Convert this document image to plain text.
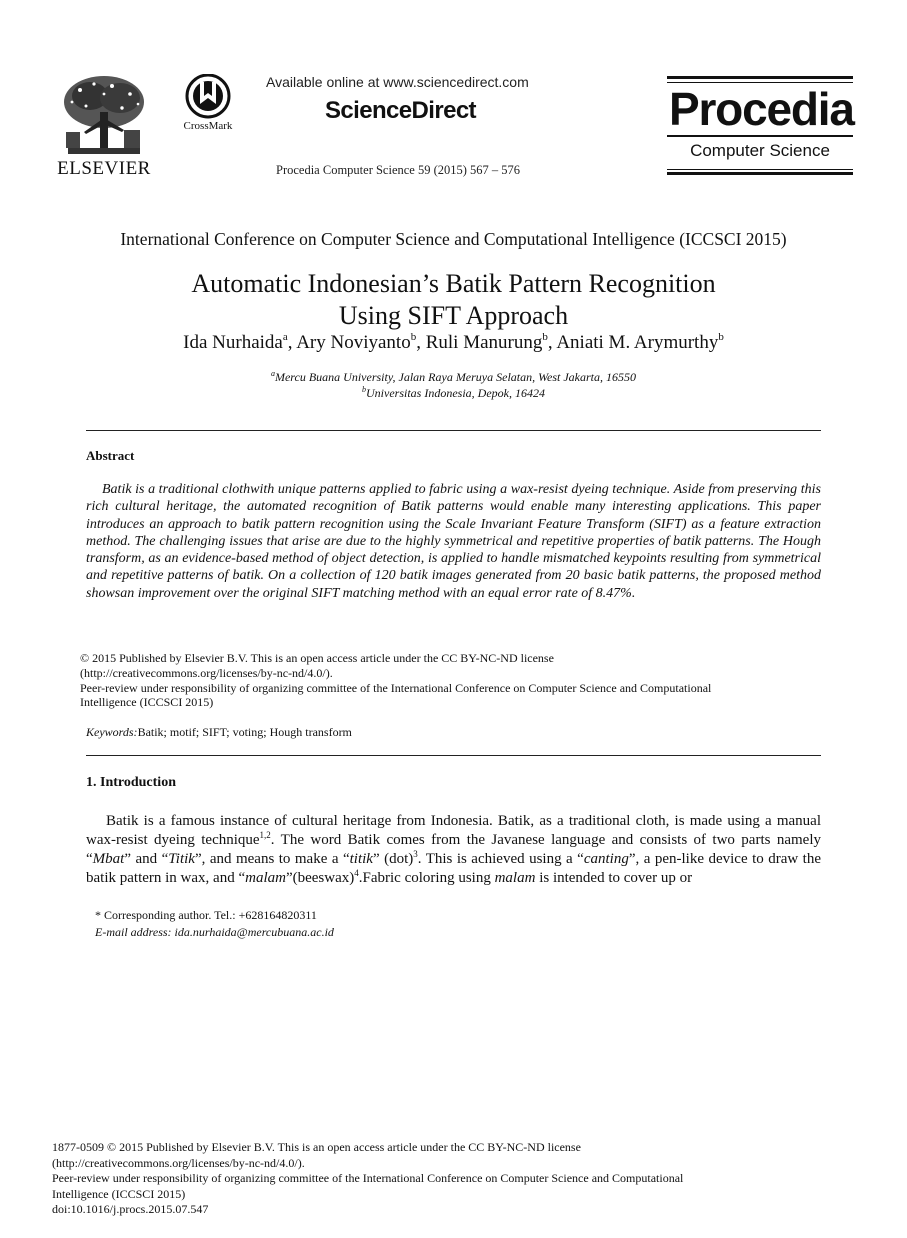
ELSEVIER
CrossMark
Available online at www.sciencedirect.com
ScienceDirect
Procedia Computer Science 59 (2015) 567 – 576
Procedia
Computer Science
International Conference on Computer Science and Computational Intelligence (ICCSCI 2015)
Automatic Indonesian’s Batik Pattern Recognition
Using SIFT Approach
Ida Nurhaida$^a$, Ary Noviyanto$^b$, Ruli Manurung$^b$, Aniati M. Arymurthy$^b$
$^a$Mercu Buana University, Jalan Raya Meruya Selatan, West Jakarta, 16550
$^b$Universitas Indonesia, Depok, 16424
Abstract
Batik is a traditional clothwith unique patterns applied to fabric using a wax-resist dyeing technique. Aside from preserving this rich cultural heritage, the automated recognition of Batik patterns would enable many interesting applications. This paper introduces an approach to batik pattern recognition using the Scale Invariant Feature Transform (SIFT) as a feature extraction method. The challenging issues that arise are due to the highly symmetrical and repetitive properties of batik patterns. The Hough transform, as an evidence-based method of object detection, is applied to handle mismatched keypoints resulting from symmetrical and repetitive patterns of batik. On a collection of 120 batik images generated from 20 basic batik patterns, the proposed method showsan improvement over the original SIFT matching method with an equal error rate of 8.47%.
© 2015 Published by Elsevier B.V. This is an open access article under the CC BY-NC-ND license
(http://creativecommons.org/licenses/by-nc-nd/4.0/).
Peer-review under responsibility of organizing committee of the International Conference on Computer Science and Computational
Intelligence (ICCSCI 2015)
Keywords:Batik; motif; SIFT; voting; Hough transform
1. Introduction
Batik is a famous instance of cultural heritage from Indonesia. Batik, as a traditional cloth, is made using a manual wax-resist dyeing technique$^{1,2}$. The word Batik comes from the Javanese language and consists of two parts namely “Mbat” and “Titik”, and means to make a “titik” (dot)$^3$. This is achieved using a “canting”, a pen-like device to draw the batik pattern in wax, and “malam”(beeswax)$^4$.Fabric coloring using malam is intended to cover up or
* Corresponding author. Tel.: +628164820311
E-mail address: ida.nurhaida@mercubuana.ac.id
1877-0509 © 2015 Published by Elsevier B.V. This is an open access article under the CC BY-NC-ND license
(http://creativecommons.org/licenses/by-nc-nd/4.0/).
Peer-review under responsibility of organizing committee of the International Conference on Computer Science and Computational
Intelligence (ICCSCI 2015)
doi:10.1016/j.procs.2015.07.547
